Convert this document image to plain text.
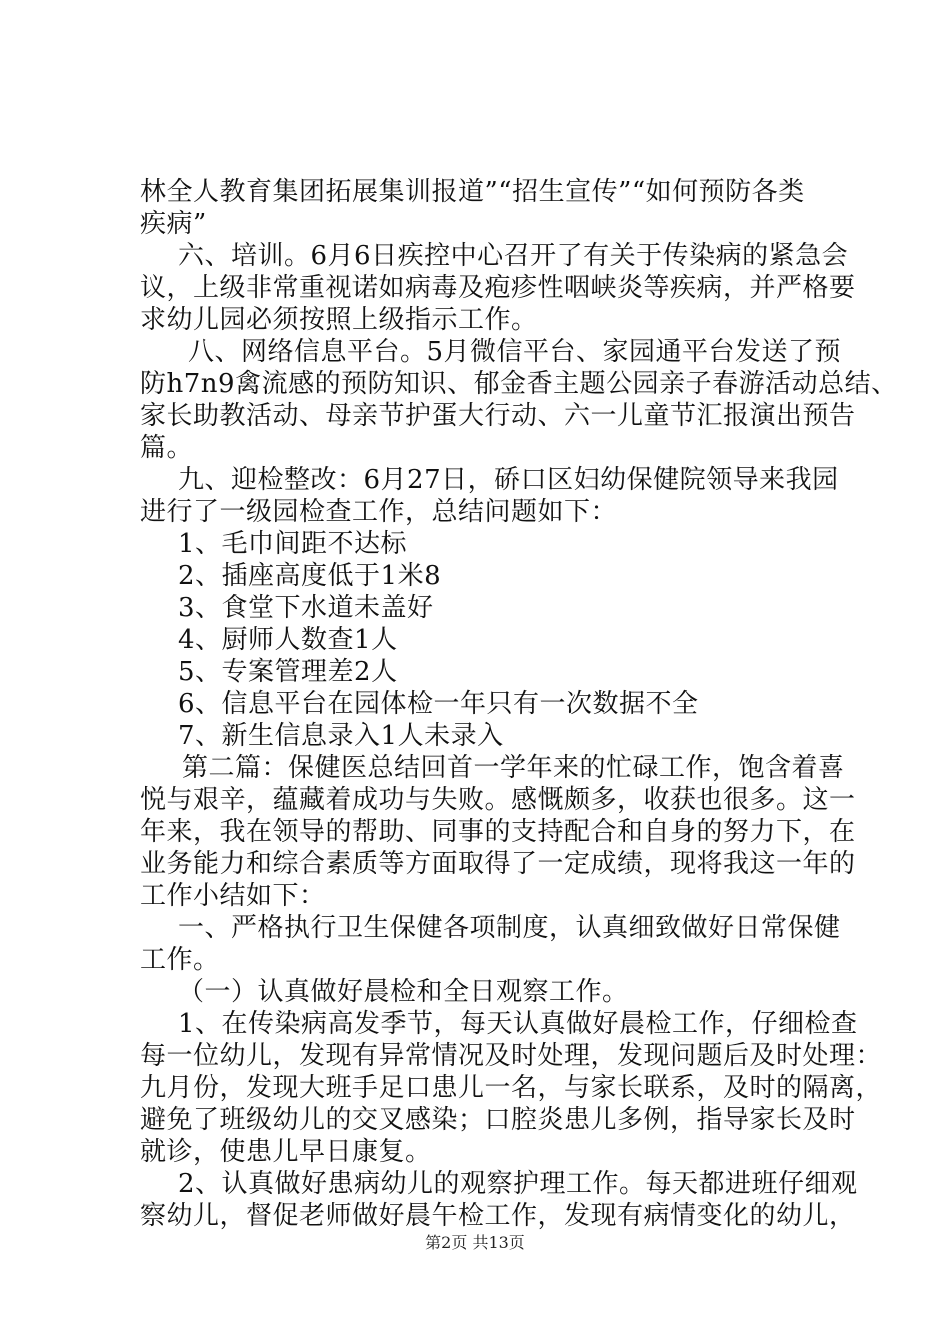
林全人教育集团拓展集训报道”“招生宣传”“如何预防各类
疾病”
六、培训。6月6日疾控中心召开了有关于传染病的紧急会
议，上级非常重视诺如病毒及疱疹性咽峡炎等疾病，并严格要
求幼儿园必须按照上级指示工作。
八、网络信息平台。5月微信平台、家园通平台发送了预
防h7n9禽流感的预防知识、郁金香主题公园亲子春游活动总结、
家长助教活动、母亲节护蛋大行动、六一儿童节汇报演出预告
篇。
九、迎检整改：6月27日，硚口区妇幼保健院领导来我园
进行了一级园检查工作，总结问题如下：
1、毛巾间距不达标
2、插座高度低于1米8
3、食堂下水道未盖好
4、厨师人数查1人
5、专案管理差2人
6、信息平台在园体检一年只有一次数据不全
7、新生信息录入1人未录入
第二篇：保健医总结回首一学年来的忙碌工作，饱含着喜
悦与艰辛，蕴藏着成功与失败。感慨颇多，收获也很多。这一
年来，我在领导的帮助、同事的支持配合和自身的努力下，在
业务能力和综合素质等方面取得了一定成绩，现将我这一年的
工作小结如下：
一、严格执行卫生保健各项制度，认真细致做好日常保健
工作。
（一）认真做好晨检和全日观察工作。
1、在传染病高发季节，每天认真做好晨检工作，仔细检查
每一位幼儿，发现有异常情况及时处理，发现问题后及时处理：
九月份，发现大班手足口患儿一名，与家长联系，及时的隔离，
避免了班级幼儿的交叉感染；口腔炎患儿多例，指导家长及时
就诊，使患儿早日康复。
2、认真做好患病幼儿的观察护理工作。每天都进班仔细观
察幼儿，督促老师做好晨午检工作，发现有病情变化的幼儿，
第2页 共13页
